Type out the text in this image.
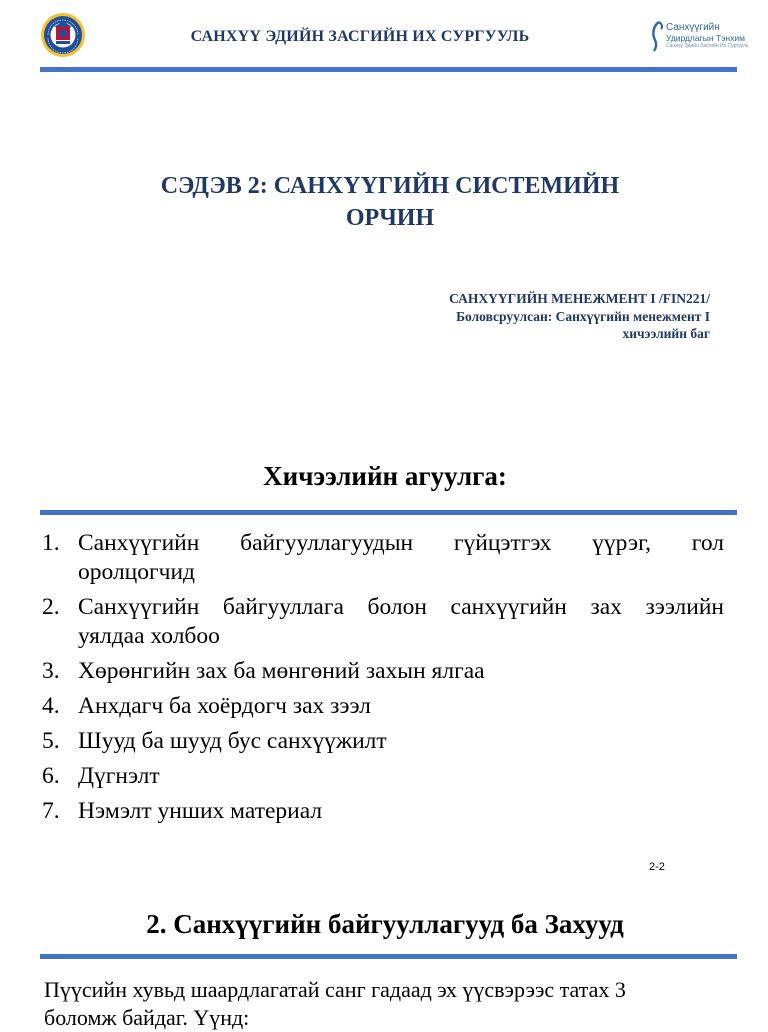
САНХҮҮ ЭДИЙН ЗАСГИЙН ИХ СУРГУУЛЬ
Санхүүгийн
Удирдлагын Тэнхим
Санхүү Эдийн Засгийн Их Сургууль
СЭДЭВ 2: САНХҮҮГИЙН СИСТЕМИЙН
ОРЧИН
САНХҮҮГИЙН МЕНЕЖМЕНТ I /FIN221/
Боловсруулсан: Санхүүгийн менежмент I
хичээлийн баг
Хичээлийн агуулга:
1. Санхүүгийн байгууллагуудын гүйцэтгэх үүрэг, гол
оролцогчид
2. Санхүүгийн байгууллага болон санхүүгийн зах зээлийн
уялдаа холбоо
3. Хөрөнгийн зах ба мөнгөний захын ялгаа
4. Анхдагч ба хоёрдогч зах зээл
5. Шууд ба шууд бус санхүүжилт
6. Дүгнэлт
7. Нэмэлт унших материал
2-2
2. Санхүүгийн байгууллагууд ба Захууд
Пүүсийн хувьд шаардлагатай санг гадаад эх үүсвэрээс татах 3
боломж байдаг. Үүнд:
